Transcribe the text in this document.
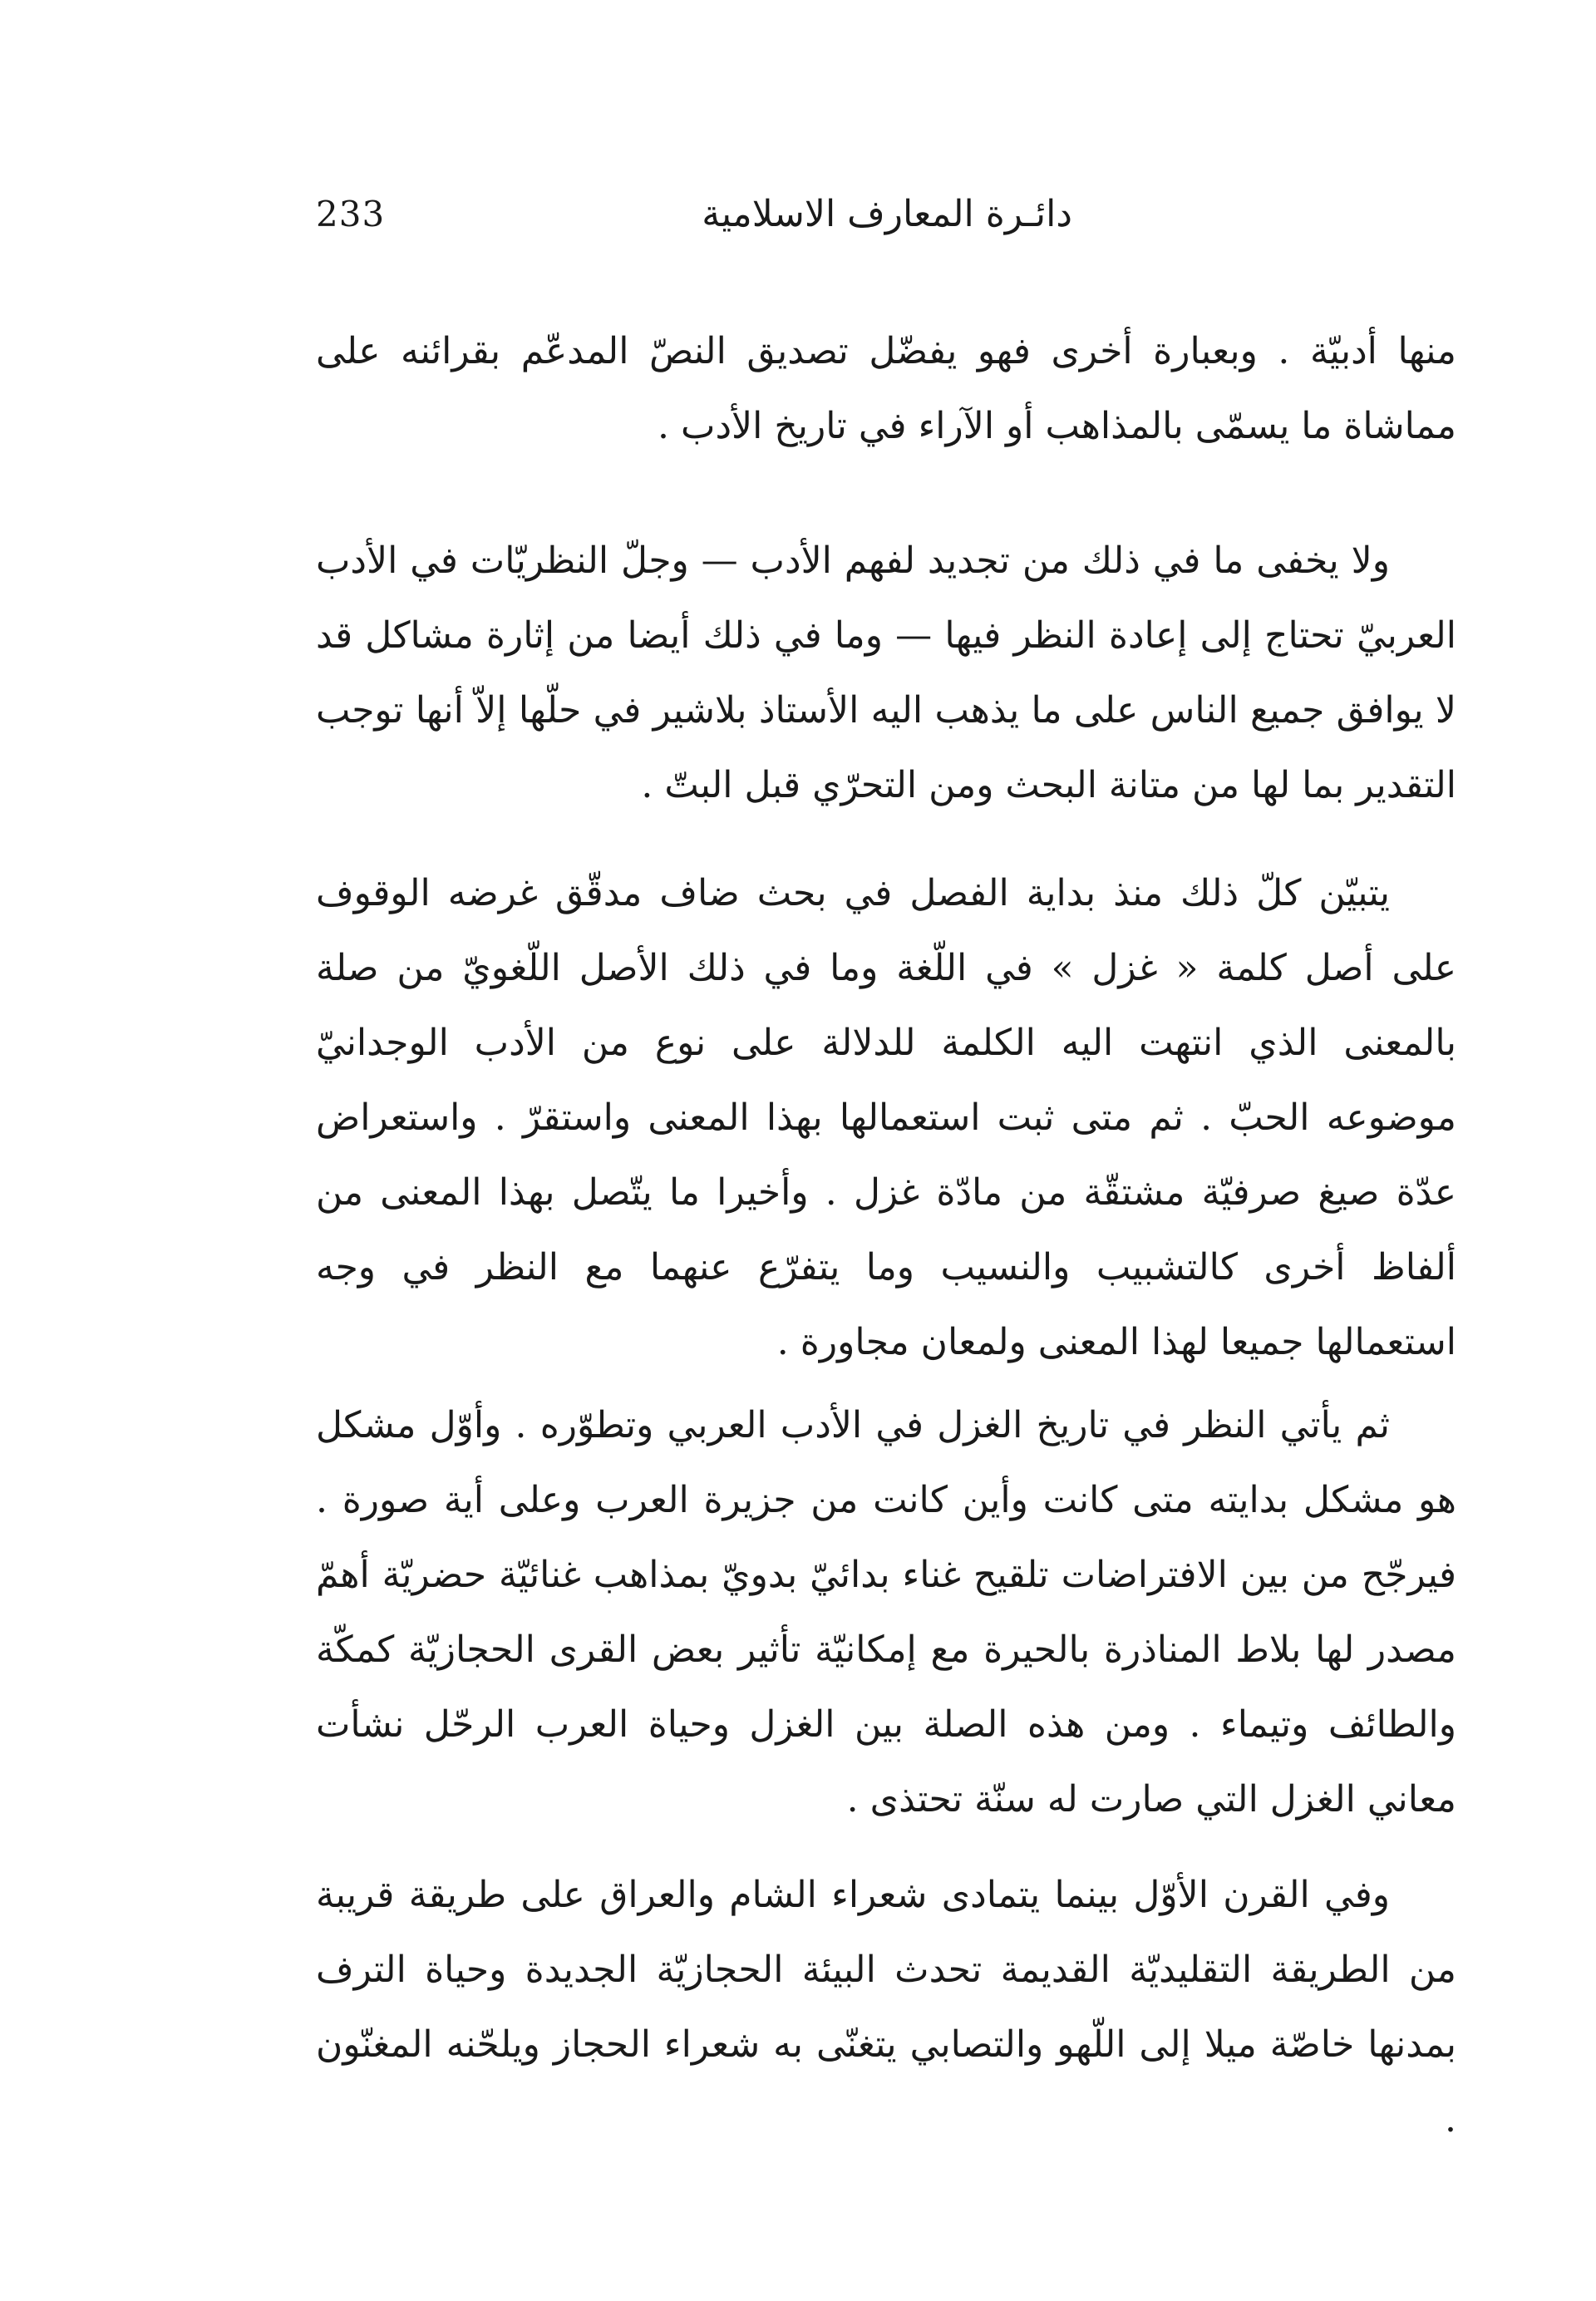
دائـرة المعارف الاسلامية
233

منها أدبيّة . وبعبارة أخرى فهو يفضّل تصديق النصّ المدعّم بقرائنه على مماشاة ما يسمّى بالمذاهب أو الآراء في تاريخ الأدب .

ولا يخفى ما في ذلك من تجديد لفهم الأدب — وجلّ النظريّات في الأدب العربيّ تحتاج إلى إعادة النظر فيها — وما في ذلك أيضا من إثارة مشاكل قد لا يوافق جميع الناس على ما يذهب اليه الأستاذ بلاشير في حلّها إلاّ أنها توجب التقدير بما لها من متانة البحث ومن التحرّي قبل البتّ .

يتبيّن كلّ ذلك منذ بداية الفصل في بحث ضاف مدقّق غرضه الوقوف على أصل كلمة « غزل » في اللّغة وما في ذلك الأصل اللّغويّ من صلة بالمعنى الذي انتهت اليه الكلمة للدلالة على نوع من الأدب الوجدانيّ موضوعه الحبّ . ثم متى ثبت استعمالها بهذا المعنى واستقرّ . واستعراض عدّة صيغ صرفيّة مشتقّة من مادّة غزل . وأخيرا ما يتّصل بهذا المعنى من ألفاظ أخرى كالتشبيب والنسيب وما يتفرّع عنهما مع النظر في وجه استعمالها جميعا لهذا المعنى ولمعان مجاورة .

ثم يأتي النظر في تاريخ الغزل في الأدب العربي وتطوّره . وأوّل مشكل هو مشكل بدايته متى كانت وأين كانت من جزيرة العرب وعلى أية صورة . فيرجّح من بين الافتراضات تلقيح غناء بدائيّ بدويّ بمذاهب غنائيّة حضريّة أهمّ مصدر لها بلاط المناذرة بالحيرة مع إمكانيّة تأثير بعض القرى الحجازيّة كمكّة والطائف وتيماء . ومن هذه الصلة بين الغزل وحياة العرب الرحّل نشأت معاني الغزل التي صارت له سنّة تحتذى .

وفي القرن الأوّل بينما يتمادى شعراء الشام والعراق على طريقة قريبة من الطريقة التقليديّة القديمة تحدث البيئة الحجازيّة الجديدة وحياة الترف بمدنها خاصّة ميلا إلى اللّهو والتصابي يتغنّى به شعراء الحجاز ويلحّنه المغنّون .
